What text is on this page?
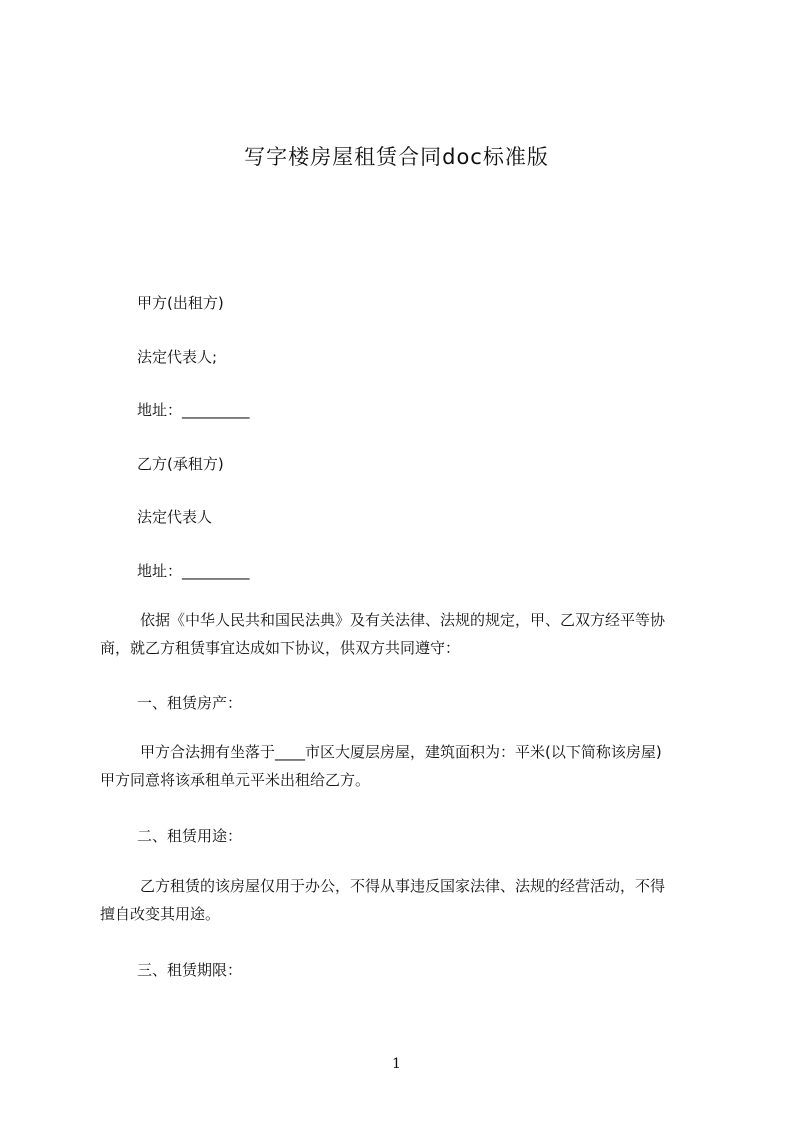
写字楼房屋租赁合同doc标准版
甲方(出租方)
法定代表人;
地址：_________
乙方(承租方)
法定代表人
地址：_________
依据《中华人民共和国民法典》及有关法律、法规的规定，甲、乙双方经平等协
商，就乙方租赁事宜达成如下协议，供双方共同遵守：
一、租赁房产：
甲方合法拥有坐落于____市区大厦层房屋，建筑面积为：平米(以下简称该房屋)
甲方同意将该承租单元平米出租给乙方。
二、租赁用途：
乙方租赁的该房屋仅用于办公，不得从事违反国家法律、法规的经营活动，不得
擅自改变其用途。
三、租赁期限：
1
